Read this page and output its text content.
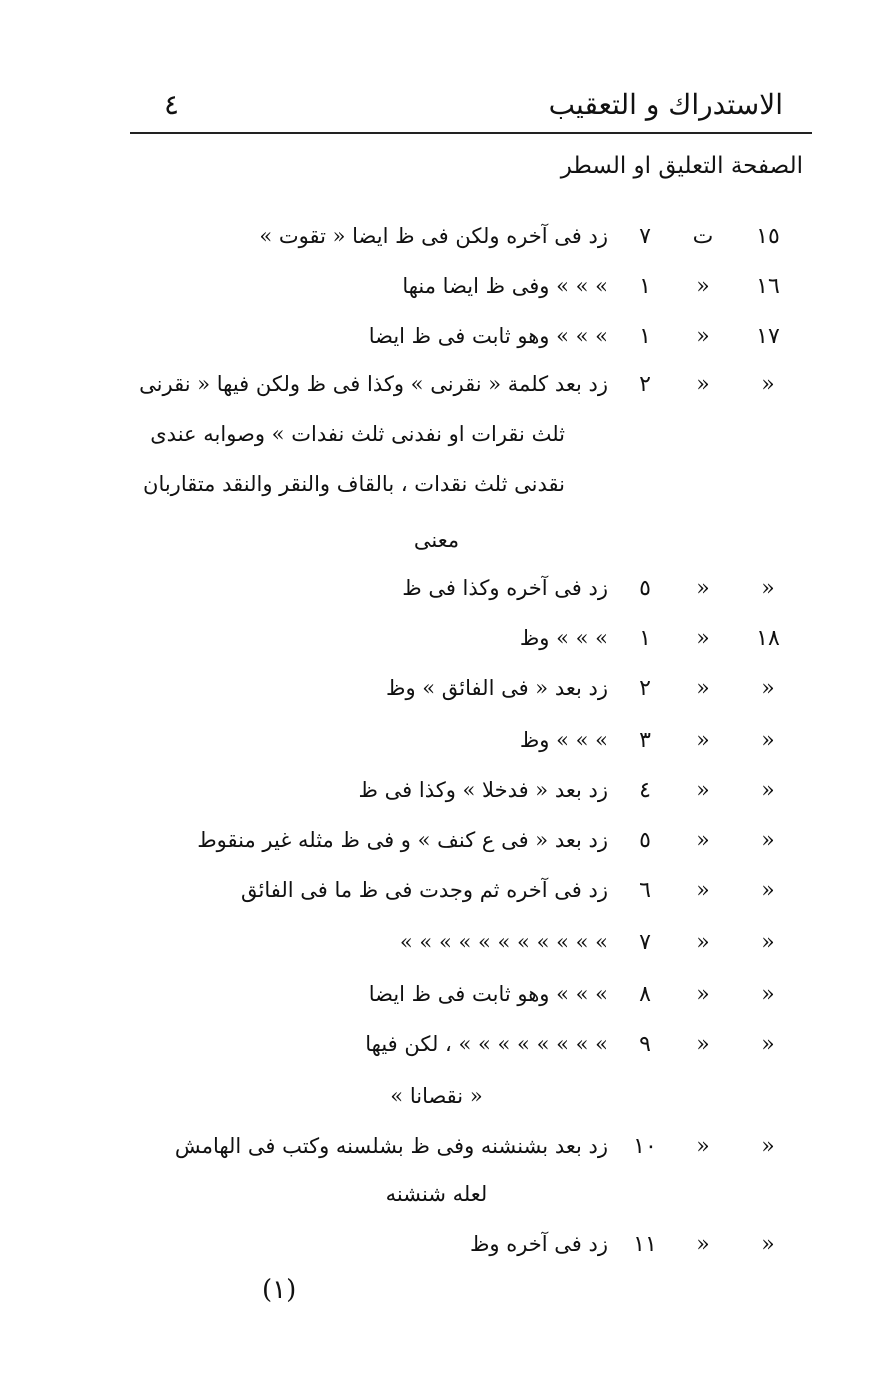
الاستدراك و التعقيب
٤
الصفحة التعليق او السطر
١٥
ت
٧
زد فى آخره ولكن فى ظ ايضا « تقوت »
١٦
»
١
» » » وفى ظ ايضا منها
١٧
»
١
» » » وهو ثابت فى ظ ايضا
»
»
٢
زد بعد كلمة « نقرنى » وكذا فى ظ ولكن فيها « نقرنى
ثلث نقرات او نفدنى ثلث نفدات » وصوابه عندى
نقدنى ثلث نقدات ، بالقاف والنقر والنقد متقاربان
معنى
»
»
٥
زد فى آخره وكذا فى ظ
١٨
»
١
» » » وظ
»
»
٢
زد بعد « فى الفائق » وظ
»
»
٣
» » » وظ
»
»
٤
زد بعد « فدخلا » وكذا فى ظ
»
»
٥
زد بعد « فى ع كنف » و فى ظ مثله غير منقوط
»
»
٦
زد فى آخره ثم وجدت فى ظ ما فى الفائق
»
»
٧
» » » » » » » » » » »
»
»
٨
» » » وهو ثابت فى ظ ايضا
»
»
٩
» » » » » » » » ، لكن فيها
« نقصانا »
»
»
١٠
زد بعد بشنشنه وفى ظ بشلسنه وكتب فى الهامش
لعله شنشنه
»
»
١١
زد فى آخره وظ
(١)
